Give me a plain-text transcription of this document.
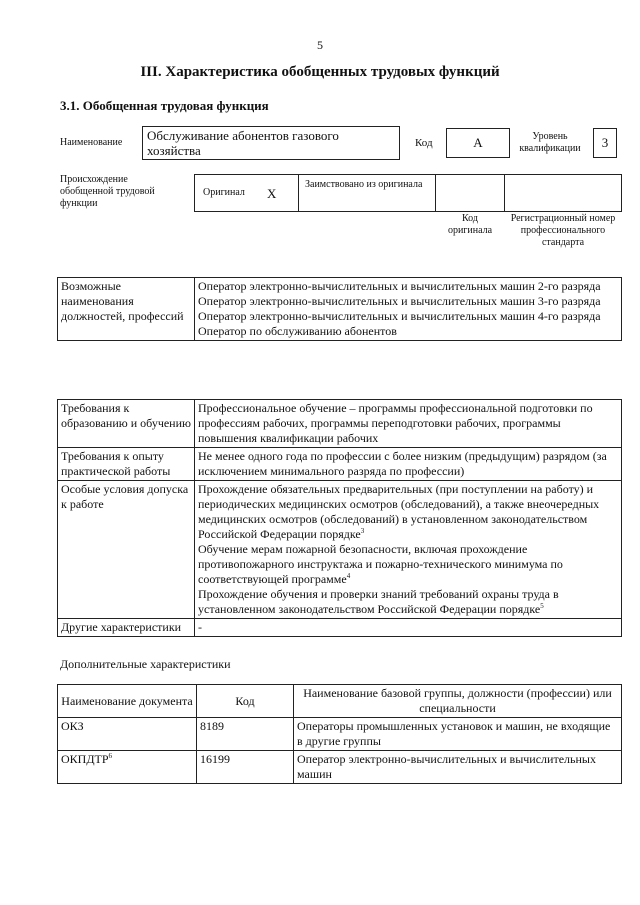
5
III. Характеристика обобщенных трудовых функций
3.1. Обобщенная трудовая функция
Наименование	Обслуживание абонентов газового хозяйства	Код	A	Уровень квалификации	3
Происхождение обобщенной трудовой функции
Оригинал X
Заимствовано из оригинала
Код оригинала
Регистрационный номер профессионального стандарта
Возможные наименования должностей, профессий	
Оператор электронно-вычислительных и вычислительных машин 2-го разряда
Оператор электронно-вычислительных и вычислительных машин 3-го разряда
Оператор электронно-вычислительных и вычислительных машин 4-го разряда
Оператор по обслуживанию абонентов
Требования к образованию и обучению	Профессиональное обучение – программы профессиональной подготовки по профессиям рабочих, программы переподготовки рабочих, программы повышения квалификации рабочих
Требования к опыту практической работы	Не менее одного года по профессии с более низким (предыдущим) разрядом (за исключением минимального разряда по профессии)
Особые условия допуска к работе	Прохождение обязательных предварительных (при поступлении на работу) и периодических медицинских осмотров (обследований), а также внеочередных медицинских осмотров (обследований) в установленном законодательством Российской Федерации порядке$^3$
Обучение мерам пожарной безопасности, включая прохождение противопожарного инструктажа и пожарно-технического минимума по соответствующей программе$^4$
Прохождение обучения и проверки знаний требований охраны труда в установленном законодательством Российской Федерации порядке$^5$

Другие характеристики	-
Дополнительные характеристики
Наименование документа	Код	Наименование базовой группы, должности (профессии) или специальности
ОКЗ	8189	Операторы промышленных установок и машин, не входящие в другие группы
ОКПДТР$^6$	16199	Оператор электронно-вычислительных и вычислительных машин
